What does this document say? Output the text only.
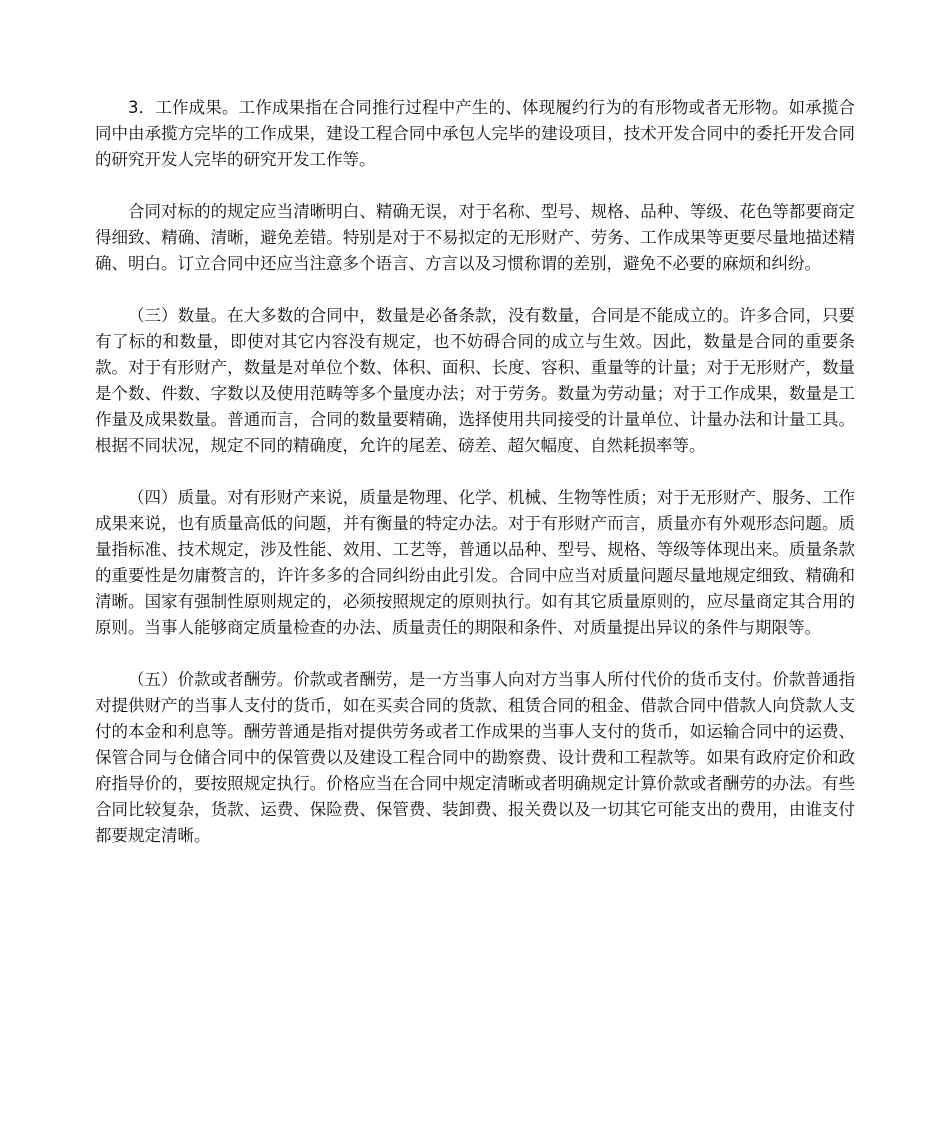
3．工作成果。工作成果指在合同推行过程中产生的、体现履约行为的有形物或者无形物。如承揽合同中由承揽方完毕的工作成果，建设工程合同中承包人完毕的建设项目，技术开发合同中的委托开发合同的研究开发人完毕的研究开发工作等。

合同对标的的规定应当清晰明白、精确无误，对于名称、型号、规格、品种、等级、花色等都要商定得细致、精确、清晰，避免差错。特别是对于不易拟定的无形财产、劳务、工作成果等更要尽量地描述精确、明白。订立合同中还应当注意多个语言、方言以及习惯称谓的差别，避免不必要的麻烦和纠纷。

（三）数量。在大多数的合同中，数量是必备条款，没有数量，合同是不能成立的。许多合同，只要有了标的和数量，即使对其它内容没有规定，也不妨碍合同的成立与生效。因此，数量是合同的重要条款。对于有形财产，数量是对单位个数、体积、面积、长度、容积、重量等的计量；对于无形财产，数量是个数、件数、字数以及使用范畴等多个量度办法；对于劳务。数量为劳动量；对于工作成果，数量是工作量及成果数量。普通而言，合同的数量要精确，选择使用共同接受的计量单位、计量办法和计量工具。根据不同状况，规定不同的精确度，允许的尾差、磅差、超欠幅度、自然耗损率等。

（四）质量。对有形财产来说，质量是物理、化学、机械、生物等性质；对于无形财产、服务、工作成果来说，也有质量高低的问题，并有衡量的特定办法。对于有形财产而言，质量亦有外观形态问题。质量指标准、技术规定，涉及性能、效用、工艺等，普通以品种、型号、规格、等级等体现出来。质量条款的重要性是勿庸赘言的，许许多多的合同纠纷由此引发。合同中应当对质量问题尽量地规定细致、精确和清晰。国家有强制性原则规定的，必须按照规定的原则执行。如有其它质量原则的，应尽量商定其合用的原则。当事人能够商定质量检查的办法、质量责任的期限和条件、对质量提出异议的条件与期限等。

（五）价款或者酬劳。价款或者酬劳，是一方当事人向对方当事人所付代价的货币支付。价款普通指对提供财产的当事人支付的货币，如在买卖合同的货款、租赁合同的租金、借款合同中借款人向贷款人支付的本金和利息等。酬劳普通是指对提供劳务或者工作成果的当事人支付的货币，如运输合同中的运费、保管合同与仓储合同中的保管费以及建设工程合同中的勘察费、设计费和工程款等。如果有政府定价和政府指导价的，要按照规定执行。价格应当在合同中规定清晰或者明确规定计算价款或者酬劳的办法。有些合同比较复杂，货款、运费、保险费、保管费、装卸费、报关费以及一切其它可能支出的费用，由谁支付都要规定清晰。
